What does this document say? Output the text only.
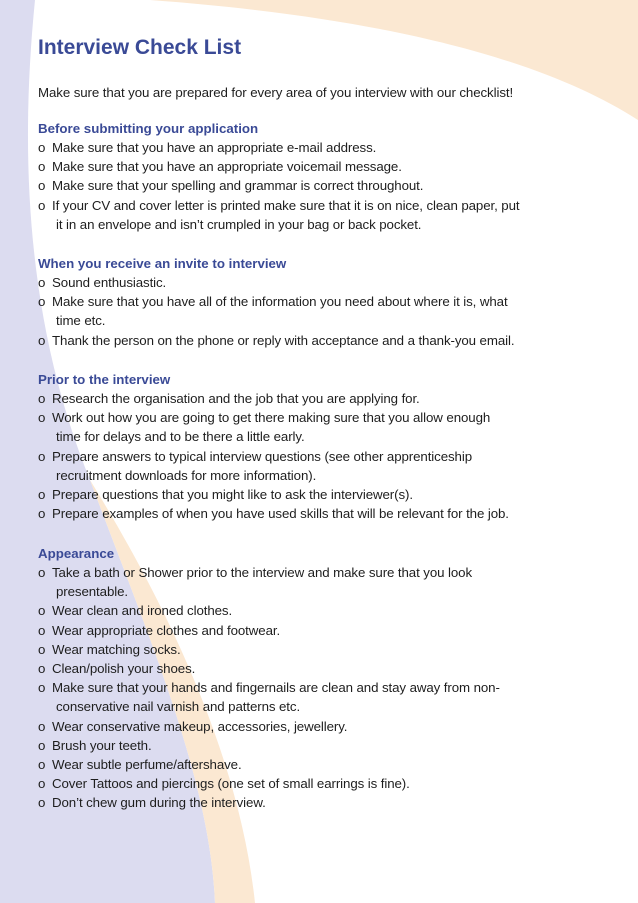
Interview Check List

Make sure that you are prepared for every area of you interview with our checklist!

Before submitting your application
o Make sure that you have an appropriate e-mail address.
o Make sure that you have an appropriate voicemail message.
o Make sure that your spelling and grammar is correct throughout.
o If your CV and cover letter is printed make sure that it is on nice, clean paper, put
it in an envelope and isn’t crumpled in your bag or back pocket.
When you receive an invite to interview
o Sound enthusiastic.
o Make sure that you have all of the information you need about where it is, what
time etc.
o Thank the person on the phone or reply with acceptance and a thank-you email.
Prior to the interview
o Research the organisation and the job that you are applying for.
o Work out how you are going to get there making sure that you allow enough
time for delays and to be there a little early.
o Prepare answers to typical interview questions (see other apprenticeship
recruitment downloads for more information).
o Prepare questions that you might like to ask the interviewer(s).
o Prepare examples of when you have used skills that will be relevant for the job.
Appearance
o Take a bath or Shower prior to the interview and make sure that you look
presentable.
o Wear clean and ironed clothes.
o Wear appropriate clothes and footwear.
o Wear matching socks.
o Clean/polish your shoes.
o Make sure that your hands and fingernails are clean and stay away from non-
conservative nail varnish and patterns etc.
o Wear conservative makeup, accessories, jewellery.
o Brush your teeth.
o Wear subtle perfume/aftershave.
o Cover Tattoos and piercings (one set of small earrings is fine).
o Don’t chew gum during the interview.
